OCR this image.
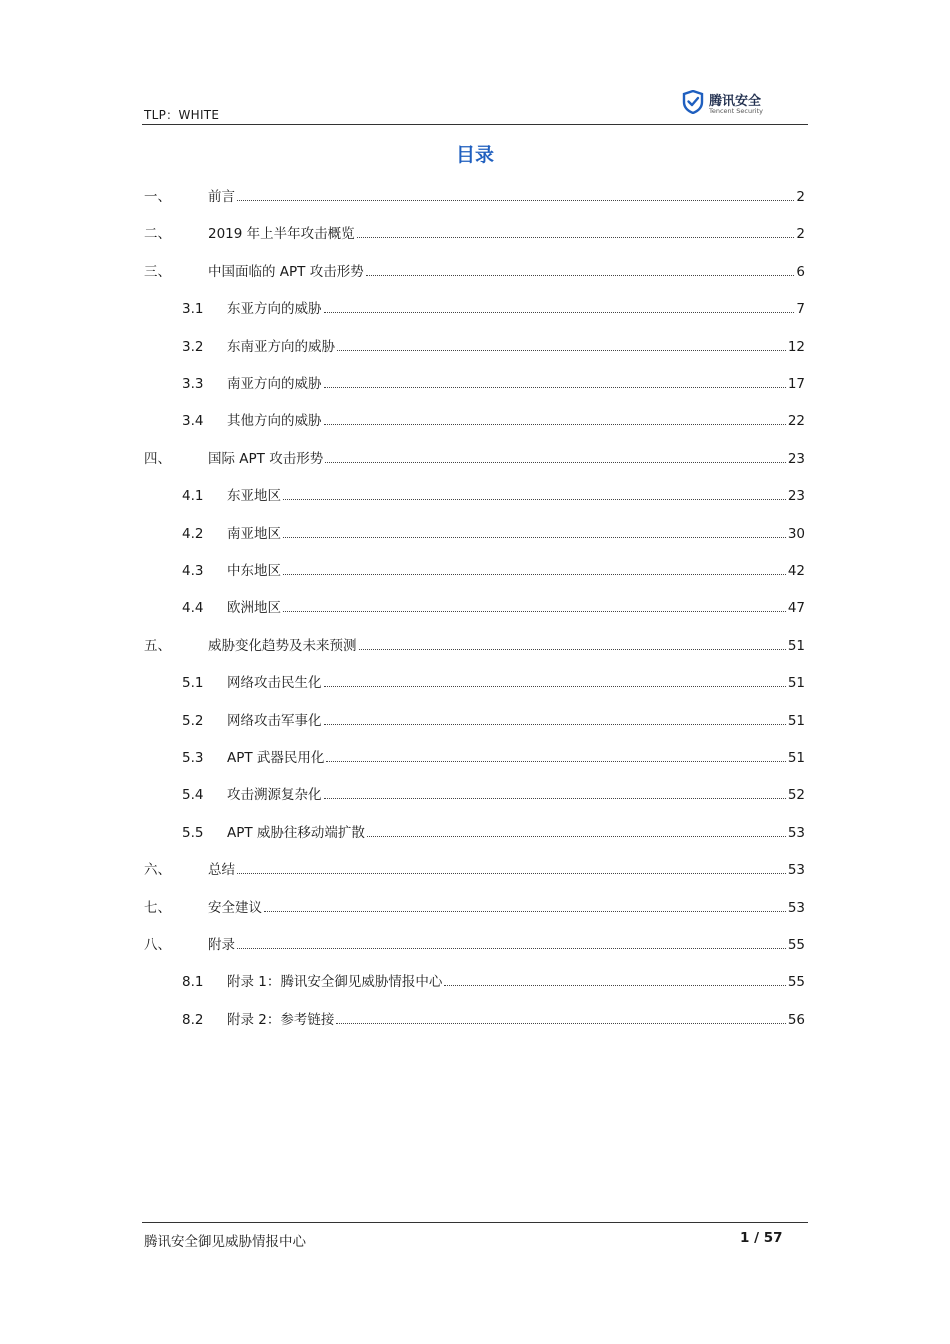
TLP：WHITE
腾讯安全
Tencent Security
目录
一、	前言	2
二、	2019 年上半年攻击概览	2
三、	中国面临的 APT 攻击形势	6
3.1	东亚方向的威胁	7
3.2	东南亚方向的威胁	12
3.3	南亚方向的威胁	17
3.4	其他方向的威胁	22
四、	国际 APT 攻击形势	23
4.1	东亚地区	23
4.2	南亚地区	30
4.3	中东地区	42
4.4	欧洲地区	47
五、	威胁变化趋势及未来预测	51
5.1	网络攻击民生化	51
5.2	网络攻击军事化	51
5.3	APT 武器民用化	51
5.4	攻击溯源复杂化	52
5.5	APT 威胁往移动端扩散	53
六、	总结	53
七、	安全建议	53
八、	附录	55
8.1	附录 1：腾讯安全御见威胁情报中心	55
8.2	附录 2：参考链接	56
腾讯安全御见威胁情报中心	1 / 57
